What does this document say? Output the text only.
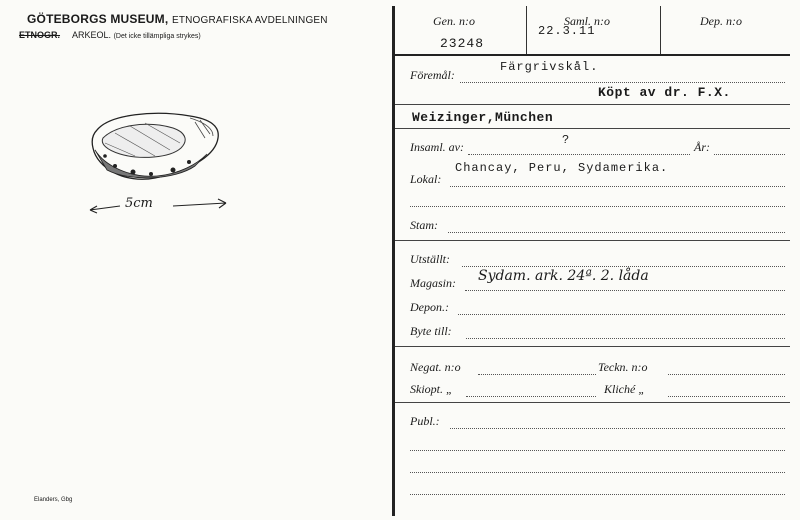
GÖTEBORGS MUSEUM, ETNOGRAFISKA AVDELNINGEN
ETNOGR. ARKEOL. (Det icke tillämpliga strykes)
5cm
Elanders, Gbg
Gen. n:o
23248
Saml. n:o
22.3.11
Dep. n:o
Föremål:
Färgrivskål.
Köpt av dr. F.X.
Weizinger,München
Insaml. av:	?	År:
Lokal:
Chancay, Peru, Sydamerika.
Stam:
Utställt:
Magasin: Sydam. ark. 24ª. 2. låda
Depon.:
Byte till:
Negat. n:o	Teckn. n:o
Skiopt. „	Kliché „
Publ.:
